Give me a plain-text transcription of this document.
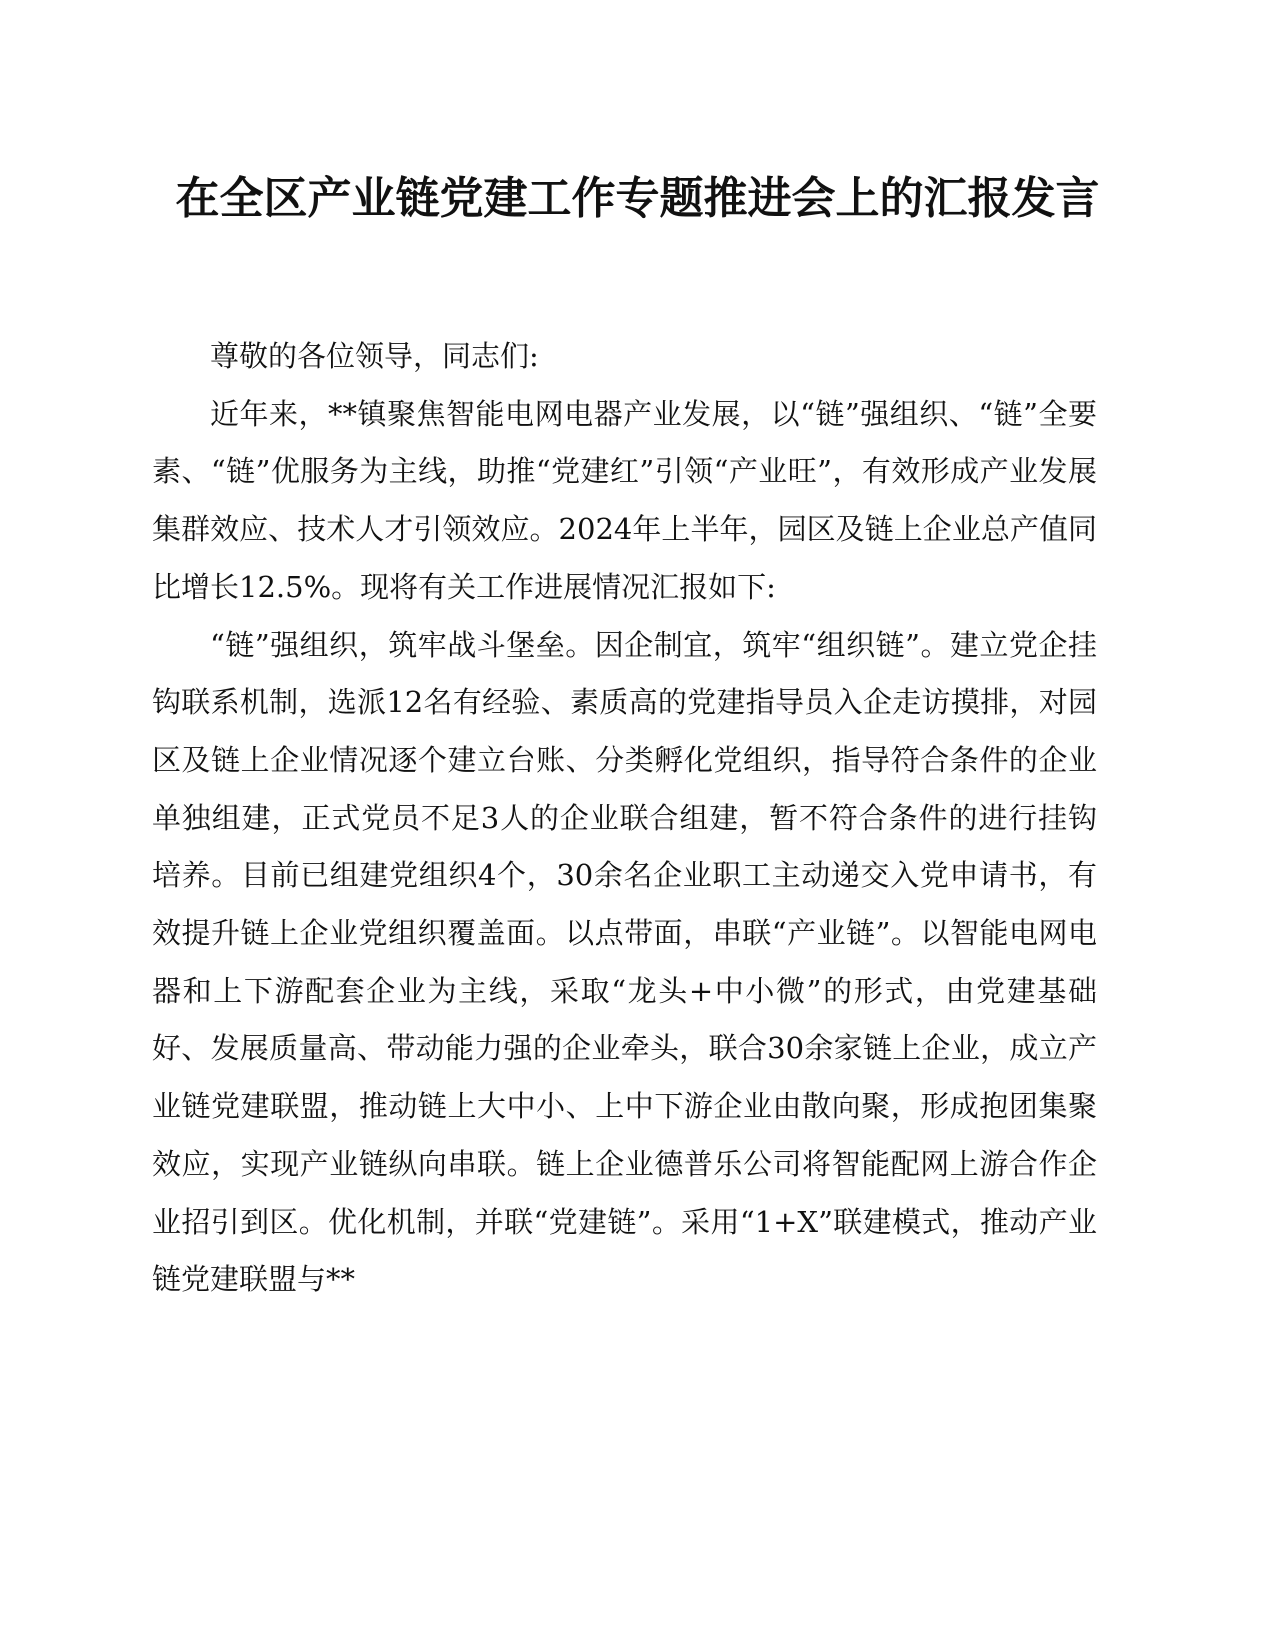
在全区产业链党建工作专题推进会上的汇报发言

尊敬的各位领导，同志们:

近年来，**镇聚焦智能电网电器产业发展，以“链”强组织、“链”全要素、“链”优服务为主线，助推“党建红”引领“产业旺”，有效形成产业发展集群效应、技术人才引领效应。2024年上半年，园区及链上企业总产值同比增长12.5%。现将有关工作进展情况汇报如下:

“链”强组织，筑牢战斗堡垒。因企制宜，筑牢“组织链”。建立党企挂钩联系机制，选派12名有经验、素质高的党建指导员入企走访摸排，对园区及链上企业情况逐个建立台账、分类孵化党组织，指导符合条件的企业单独组建，正式党员不足3人的企业联合组建，暂不符合条件的进行挂钩培养。目前已组建党组织4个，30余名企业职工主动递交入党申请书，有效提升链上企业党组织覆盖面。以点带面，串联“产业链”。以智能电网电器和上下游配套企业为主线，采取“龙头+中小微”的形式，由党建基础好、发展质量高、带动能力强的企业牵头，联合30余家链上企业，成立产业链党建联盟，推动链上大中小、上中下游企业由散向聚，形成抱团集聚效应，实现产业链纵向串联。链上企业德普乐公司将智能配网上游合作企业招引到区。优化机制，并联“党建链”。采用“1+X”联建模式，推动产业链党建联盟与**
